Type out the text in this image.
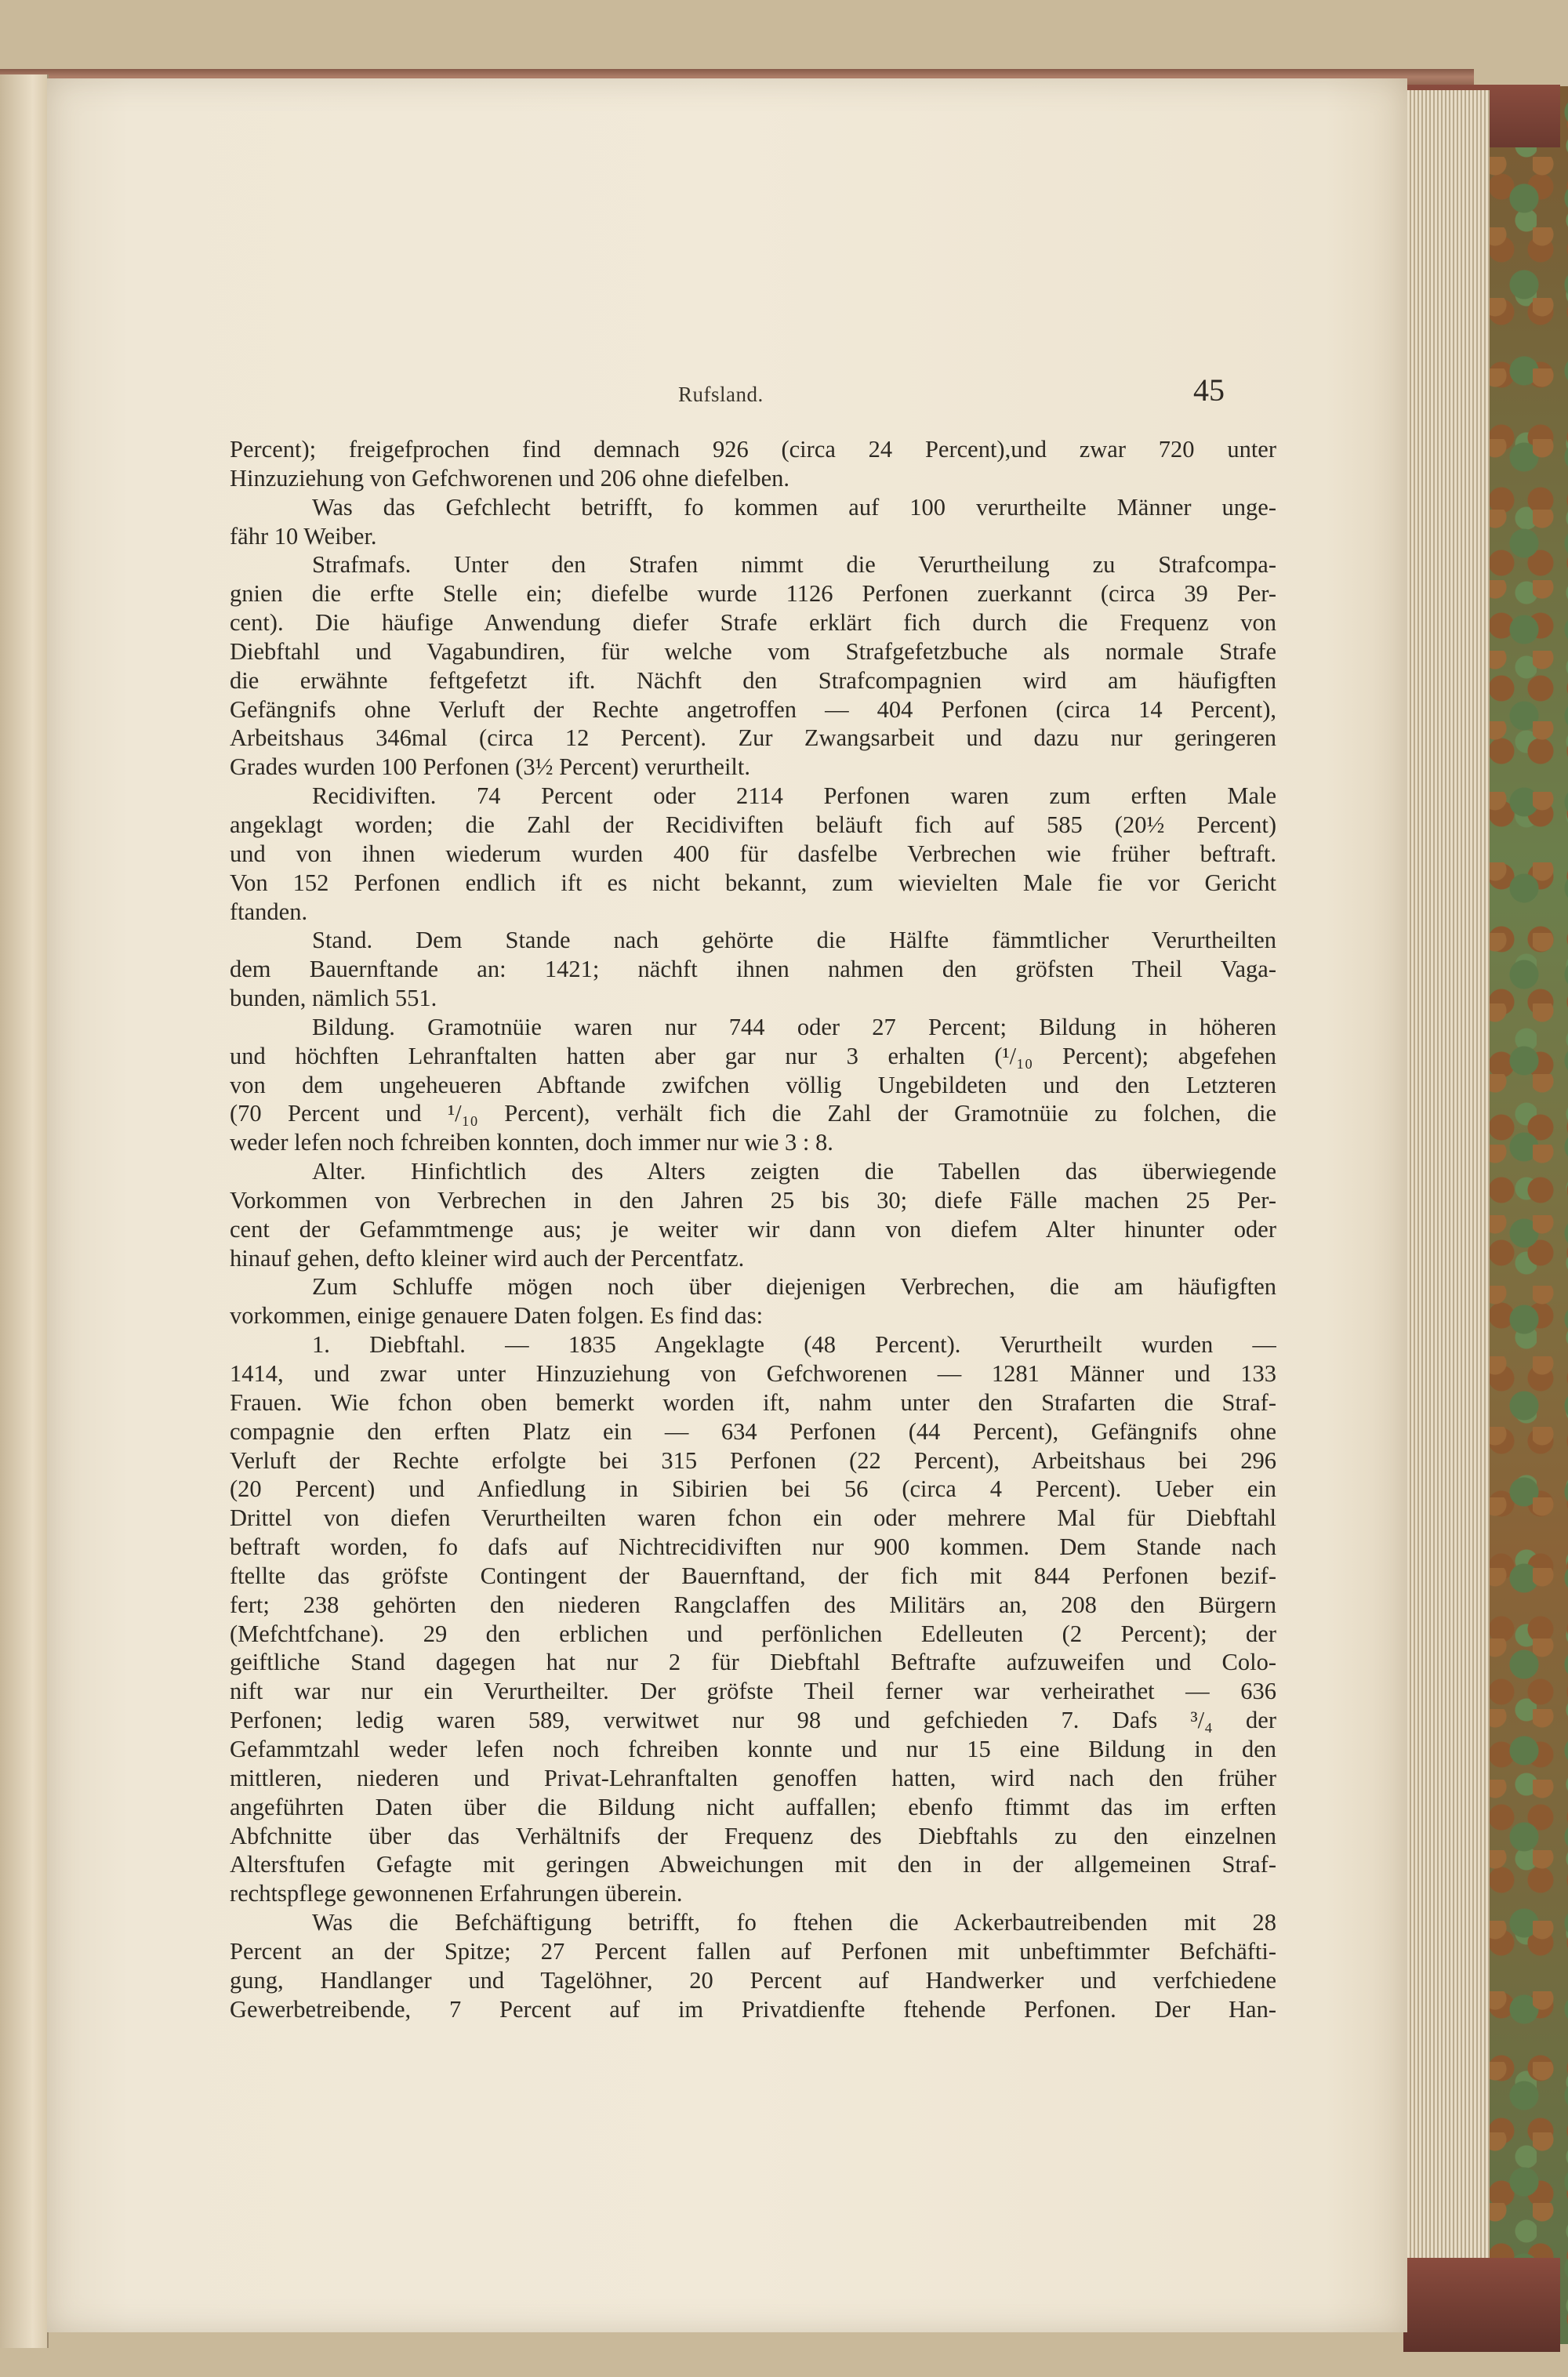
Rufsland.	45
Percent); freigefprochen find demnach 926 (circa 24 Percent),und zwar 720 unter
Hinzuziehung von Gefchworenen und 206 ohne diefelben.
Was das Gefchlecht betrifft, fo kommen auf 100 verurtheilte Männer unge-
fähr 10 Weiber.
Strafmafs. Unter den Strafen nimmt die Verurtheilung zu Strafcompa-
gnien die erfte Stelle ein; diefelbe wurde 1126 Perfonen zuerkannt (circa 39 Per-
cent). Die häufige Anwendung diefer Strafe erklärt fich durch die Frequenz von
Diebftahl und Vagabundiren, für welche vom Strafgefetzbuche als normale Strafe
die erwähnte feftgefetzt ift. Nächft den Strafcompagnien wird am häufigften
Gefängnifs ohne Verluft der Rechte angetroffen — 404 Perfonen (circa 14 Percent),
Arbeitshaus 346mal (circa 12 Percent). Zur Zwangsarbeit und dazu nur geringeren
Grades wurden 100 Perfonen (3½ Percent) verurtheilt.
Recidiviften. 74 Percent oder 2114 Perfonen waren zum erften Male
angeklagt worden; die Zahl der Recidiviften beläuft fich auf 585 (20½ Percent)
und von ihnen wiederum wurden 400 für dasfelbe Verbrechen wie früher beftraft.
Von 152 Perfonen endlich ift es nicht bekannt, zum wievielten Male fie vor Gericht
ftanden.
Stand. Dem Stande nach gehörte die Hälfte fämmtlicher Verurtheilten
dem Bauernftande an: 1421; nächft ihnen nahmen den gröfsten Theil Vaga-
bunden, nämlich 551.
Bildung. Gramotnüie waren nur 744 oder 27 Percent; Bildung in höheren
und höchften Lehranftalten hatten aber gar nur 3 erhalten (¹/₁₀ Percent); abgefehen
von dem ungeheueren Abftande zwifchen völlig Ungebildeten und den Letzteren
(70 Percent und ¹/₁₀ Percent), verhält fich die Zahl der Gramotnüie zu folchen, die
weder lefen noch fchreiben konnten, doch immer nur wie 3 : 8.
Alter. Hinfichtlich des Alters zeigten die Tabellen das überwiegende
Vorkommen von Verbrechen in den Jahren 25 bis 30; diefe Fälle machen 25 Per-
cent der Gefammtmenge aus; je weiter wir dann von diefem Alter hinunter oder
hinauf gehen, defto kleiner wird auch der Percentfatz.
Zum Schluffe mögen noch über diejenigen Verbrechen, die am häufigften
vorkommen, einige genauere Daten folgen. Es find das:
1. Diebftahl. — 1835 Angeklagte (48 Percent). Verurtheilt wurden —
1414, und zwar unter Hinzuziehung von Gefchworenen — 1281 Männer und 133
Frauen. Wie fchon oben bemerkt worden ift, nahm unter den Strafarten die Straf-
compagnie den erften Platz ein — 634 Perfonen (44 Percent), Gefängnifs ohne
Verluft der Rechte erfolgte bei 315 Perfonen (22 Percent), Arbeitshaus bei 296
(20 Percent) und Anfiedlung in Sibirien bei 56 (circa 4 Percent). Ueber ein
Drittel von diefen Verurtheilten waren fchon ein oder mehrere Mal für Diebftahl
beftraft worden, fo dafs auf Nichtrecidiviften nur 900 kommen. Dem Stande nach
ftellte das gröfste Contingent der Bauernftand, der fich mit 844 Perfonen bezif-
fert; 238 gehörten den niederen Rangclaffen des Militärs an, 208 den Bürgern
(Mefchtfchane). 29 den erblichen und perfönlichen Edelleuten (2 Percent); der
geiftliche Stand dagegen hat nur 2 für Diebftahl Beftrafte aufzuweifen und Colo-
nift war nur ein Verurtheilter. Der gröfste Theil ferner war verheirathet — 636
Perfonen; ledig waren 589, verwitwet nur 98 und gefchieden 7. Dafs ³/₄ der
Gefammtzahl weder lefen noch fchreiben konnte und nur 15 eine Bildung in den
mittleren, niederen und Privat-Lehranftalten genoffen hatten, wird nach den früher
angeführten Daten über die Bildung nicht auffallen; ebenfo ftimmt das im erften
Abfchnitte über das Verhältnifs der Frequenz des Diebftahls zu den einzelnen
Altersftufen Gefagte mit geringen Abweichungen mit den in der allgemeinen Straf-
rechtspflege gewonnenen Erfahrungen überein.
Was die Befchäftigung betrifft, fo ftehen die Ackerbautreibenden mit 28
Percent an der Spitze; 27 Percent fallen auf Perfonen mit unbeftimmter Befchäfti-
gung, Handlanger und Tagelöhner, 20 Percent auf Handwerker und verfchiedene
Gewerbetreibende, 7 Percent auf im Privatdienfte ftehende Perfonen. Der Han-
